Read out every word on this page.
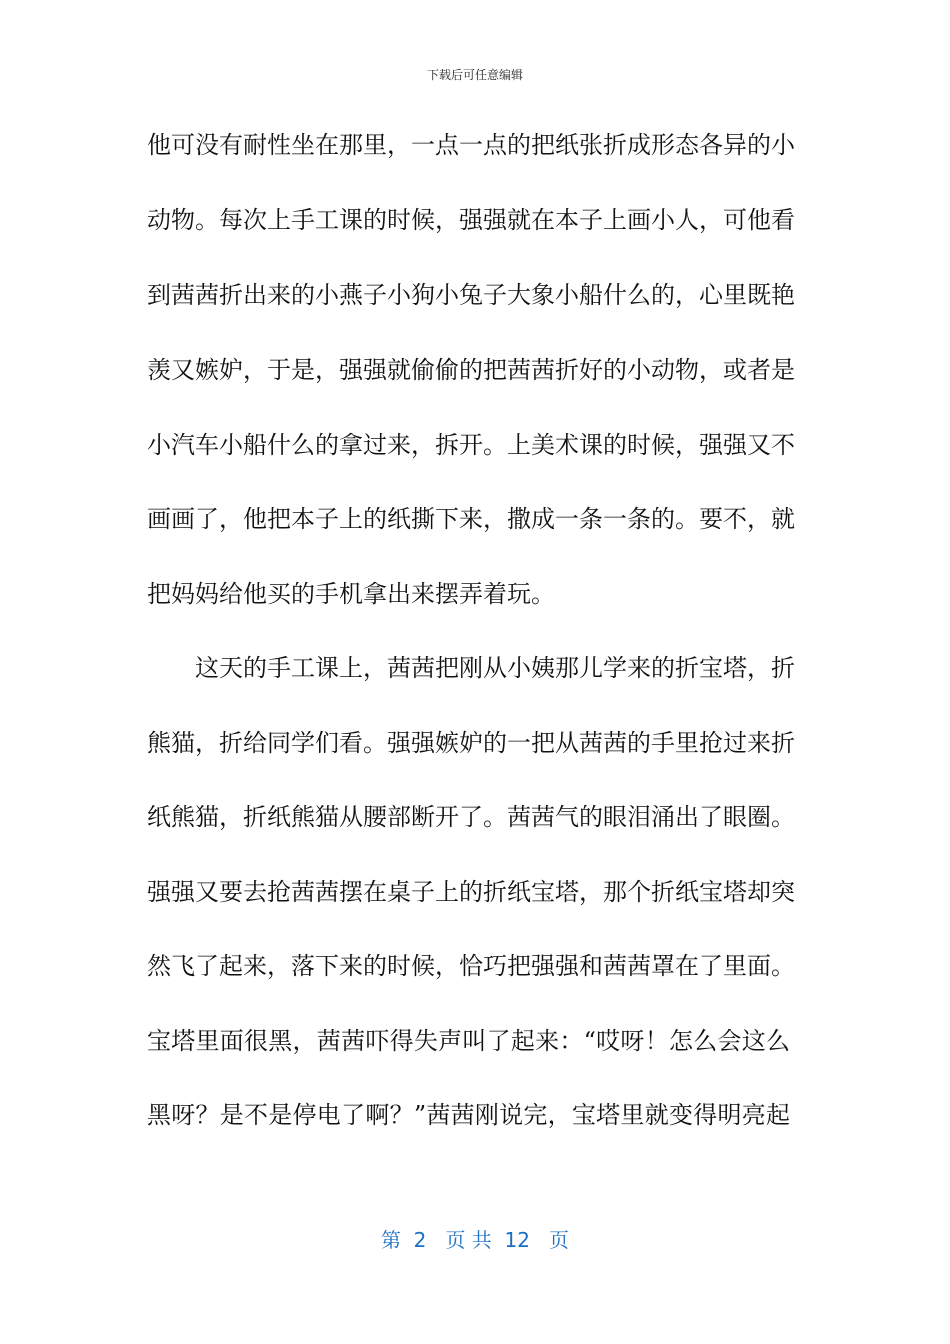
下载后可任意编辑
他可没有耐性坐在那里，一点一点的把纸张折成形态各异的小
动物。每次上手工课的时候，强强就在本子上画小人，可他看
到茜茜折出来的小燕子小狗小兔子大象小船什么的，心里既艳
羡又嫉妒，于是，强强就偷偷的把茜茜折好的小动物，或者是
小汽车小船什么的拿过来，拆开。上美术课的时候，强强又不
画画了，他把本子上的纸撕下来，撒成一条一条的。要不，就
把妈妈给他买的手机拿出来摆弄着玩。
这天的手工课上，茜茜把刚从小姨那儿学来的折宝塔，折
熊猫，折给同学们看。强强嫉妒的一把从茜茜的手里抢过来折
纸熊猫，折纸熊猫从腰部断开了。茜茜气的眼泪涌出了眼圈。
强强又要去抢茜茜摆在桌子上的折纸宝塔，那个折纸宝塔却突
然飞了起来，落下来的时候，恰巧把强强和茜茜罩在了里面。
宝塔里面很黑，茜茜吓得失声叫了起来：“哎呀！怎么会这么
黑呀？是不是停电了啊？”茜茜刚说完，宝塔里就变得明亮起
第  2   页 共  12   页
